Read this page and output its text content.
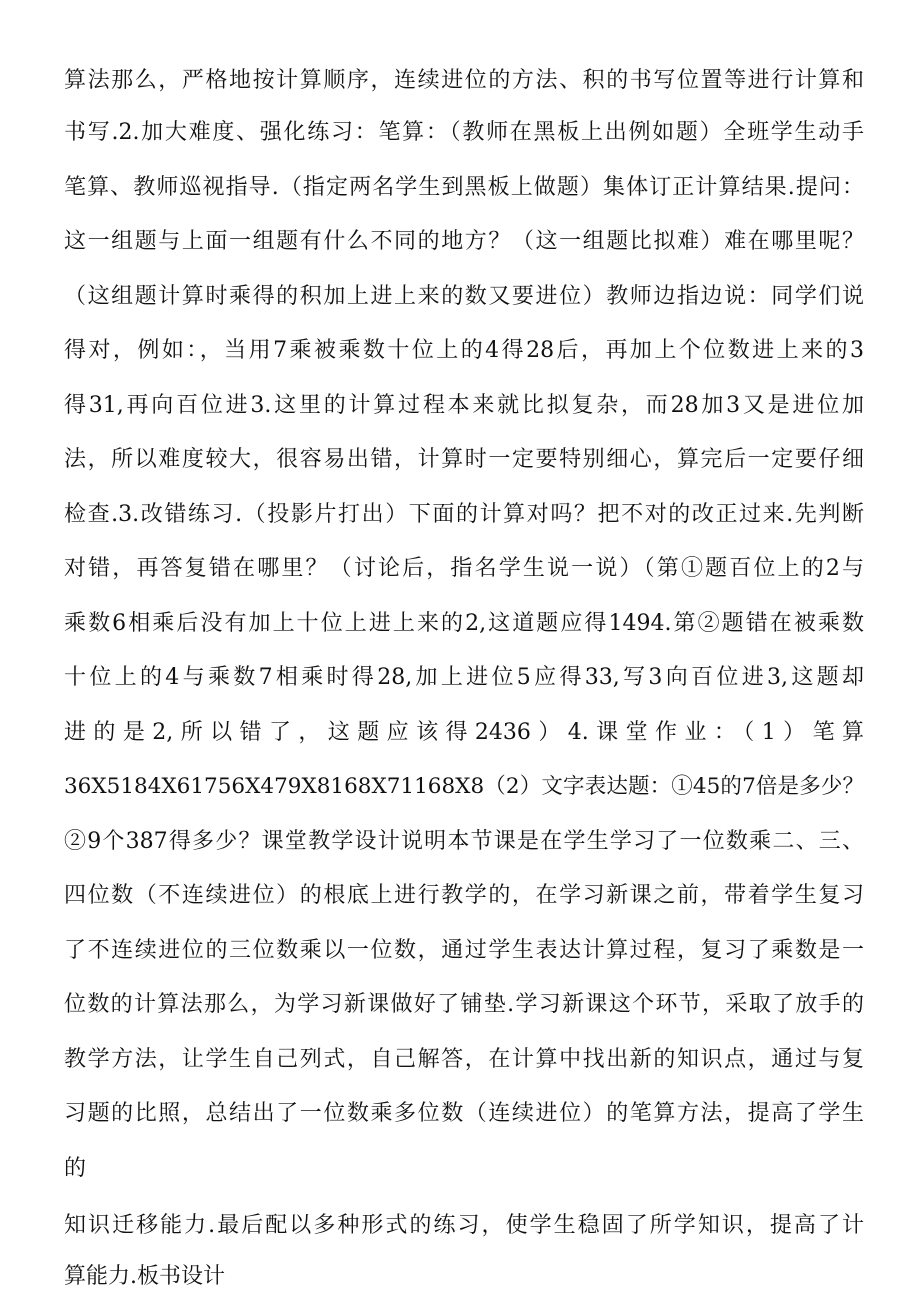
算法那么，严格地按计算顺序，连续进位的方法、积的书写位置等进行计算和
书写.2.加大难度、强化练习：笔算：（教师在黑板上出例如题）全班学生动手
笔算、教师巡视指导.（指定两名学生到黑板上做题）集体订正计算结果.提问：
这一组题与上面一组题有什么不同的地方？（这一组题比拟难）难在哪里呢？
（这组题计算时乘得的积加上进上来的数又要进位）教师边指边说：同学们说
得对，例如：，当用7乘被乘数十位上的4得28后，再加上个位数进上来的3
得31,再向百位进3.这里的计算过程本来就比拟复杂，而28加3又是进位加
法，所以难度较大，很容易出错，计算时一定要特别细心，算完后一定要仔细
检查.3.改错练习.（投影片打出）下面的计算对吗？把不对的改正过来.先判断
对错，再答复错在哪里？（讨论后，指名学生说一说）（第①题百位上的2与
乘数6相乘后没有加上十位上进上来的2,这道题应得1494.第②题错在被乘数
十位上的4与乘数7相乘时得28,加上进位5应得33,写3向百位进3,这题却
进的是2,所以错了，这题应该得2436）4.课堂作业：（1）笔算
36X5184X61756X479X8168X71168X8（2）文字表达题：①45的7倍是多少？
②9个387得多少？课堂教学设计说明本节课是在学生学习了一位数乘二、三、
四位数（不连续进位）的根底上进行教学的，在学习新课之前，带着学生复习
了不连续进位的三位数乘以一位数，通过学生表达计算过程，复习了乘数是一
位数的计算法那么，为学习新课做好了铺垫.学习新课这个环节，采取了放手的
教学方法，让学生自己列式，自己解答，在计算中找出新的知识点，通过与复
习题的比照，总结出了一位数乘多位数（连续进位）的笔算方法，提高了学生
的
知识迁移能力.最后配以多种形式的练习，使学生稳固了所学知识，提高了计
算能力.板书设计
